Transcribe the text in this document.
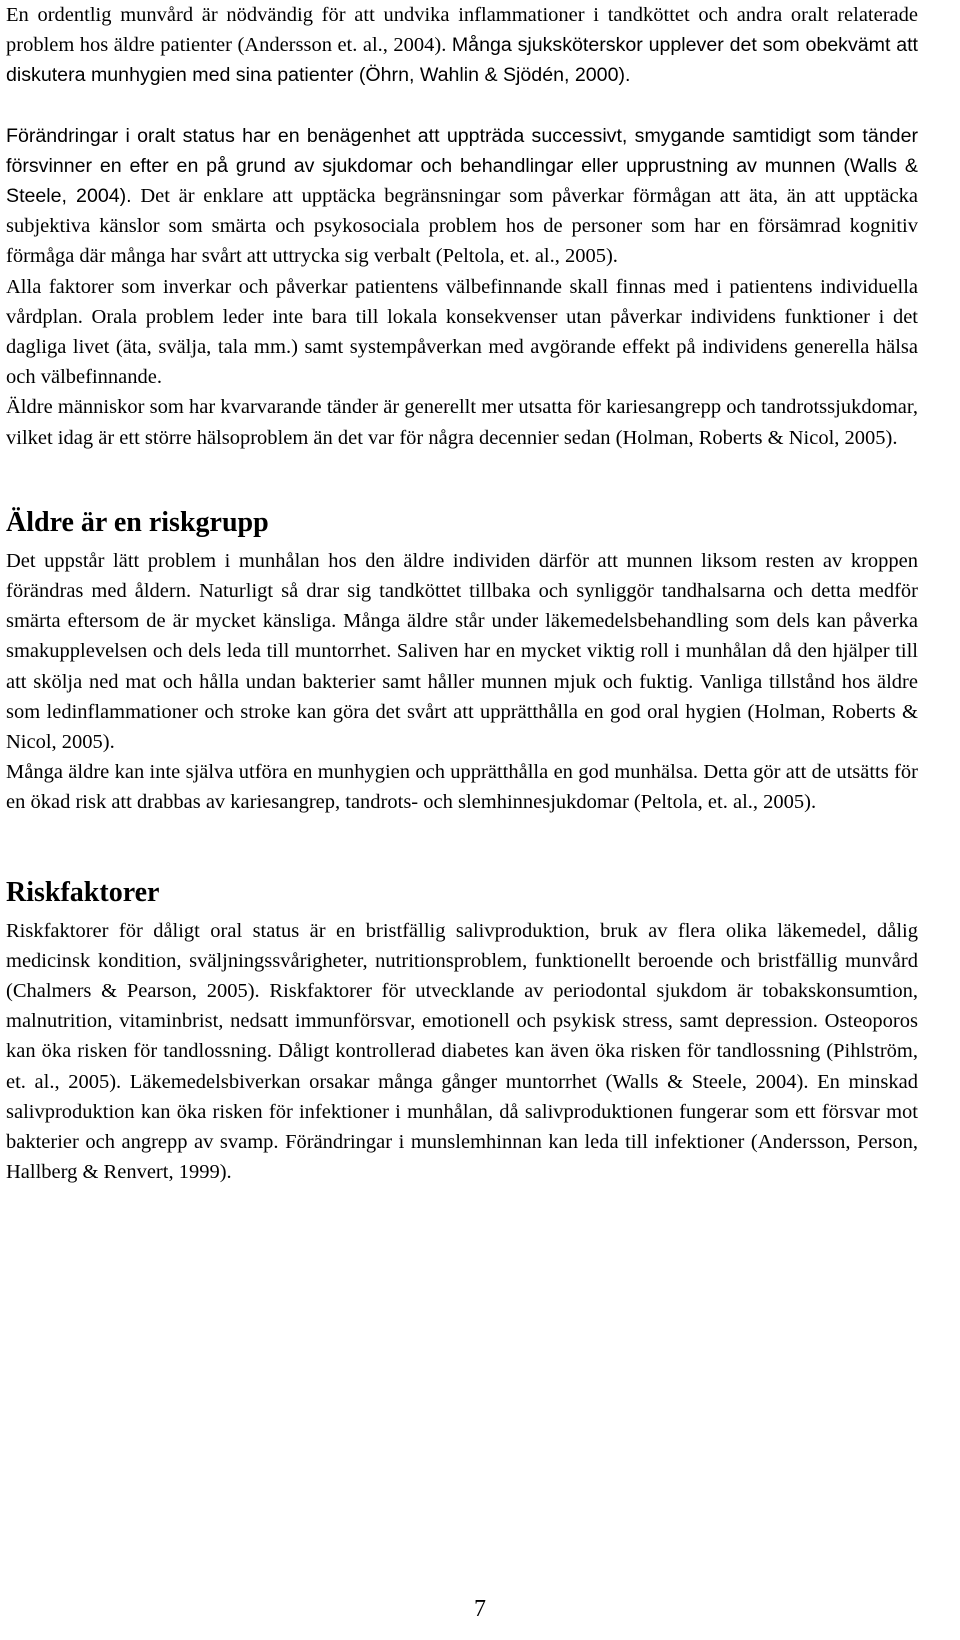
En ordentlig munvård är nödvändig för att undvika inflammationer i tandköttet och andra oralt relaterade problem hos äldre patienter (Andersson et. al., 2004). Många sjuksköterskor upplever det som obekvämt att diskutera munhygien med sina patienter (Öhrn, Wahlin & Sjödén, 2000).

Förändringar i oralt status har en benägenhet att uppträda successivt, smygande samtidigt som tänder försvinner en efter en på grund av sjukdomar och behandlingar eller upprustning av munnen (Walls & Steele, 2004). Det är enklare att upptäcka begränsningar som påverkar förmågan att äta, än att upptäcka subjektiva känslor som smärta och psykosociala problem hos de personer som har en försämrad kognitiv förmåga där många har svårt att uttrycka sig verbalt (Peltola, et. al., 2005).

Alla faktorer som inverkar och påverkar patientens välbefinnande skall finnas med i patientens individuella vårdplan. Orala problem leder inte bara till lokala konsekvenser utan påverkar individens funktioner i det dagliga livet (äta, svälja, tala mm.) samt systempåverkan med avgörande effekt på individens generella hälsa och välbefinnande.

Äldre människor som har kvarvarande tänder är generellt mer utsatta för kariesangrepp och tandrotssjukdomar, vilket idag är ett större hälsoproblem än det var för några decennier sedan (Holman, Roberts & Nicol, 2005).

Äldre är en riskgrupp

Det uppstår lätt problem i munhålan hos den äldre individen därför att munnen liksom resten av kroppen förändras med åldern. Naturligt så drar sig tandköttet tillbaka och synliggör tandhalsarna och detta medför smärta eftersom de är mycket känsliga. Många äldre står under läkemedelsbehandling som dels kan påverka smakupplevelsen och dels leda till muntorrhet. Saliven har en mycket viktig roll i munhålan då den hjälper till att skölja ned mat och hålla undan bakterier samt håller munnen mjuk och fuktig. Vanliga tillstånd hos äldre som ledinflammationer och stroke kan göra det svårt att upprätthålla en god oral hygien (Holman, Roberts & Nicol, 2005).

Många äldre kan inte själva utföra en munhygien och upprätthålla en god munhälsa. Detta gör att de utsätts för en ökad risk att drabbas av kariesangrep, tandrots- och slemhinnesjukdomar (Peltola, et. al., 2005).

Riskfaktorer

Riskfaktorer för dåligt oral status är en bristfällig salivproduktion, bruk av flera olika läkemedel, dålig medicinsk kondition, sväljningssvårigheter, nutritionsproblem, funktionellt beroende och bristfällig munvård (Chalmers & Pearson, 2005). Riskfaktorer för utvecklande av periodontal sjukdom är tobakskonsumtion, malnutrition, vitaminbrist, nedsatt immunförsvar, emotionell och psykisk stress, samt depression. Osteoporos kan öka risken för tandlossning. Dåligt kontrollerad diabetes kan även öka risken för tandlossning (Pihlström, et. al., 2005). Läkemedelsbiverkan orsakar många gånger muntorrhet (Walls & Steele, 2004). En minskad salivproduktion kan öka risken för infektioner i munhålan, då salivproduktionen fungerar som ett försvar mot bakterier och angrepp av svamp. Förändringar i munslemhinnan kan leda till infektioner (Andersson, Person, Hallberg & Renvert, 1999).

7
